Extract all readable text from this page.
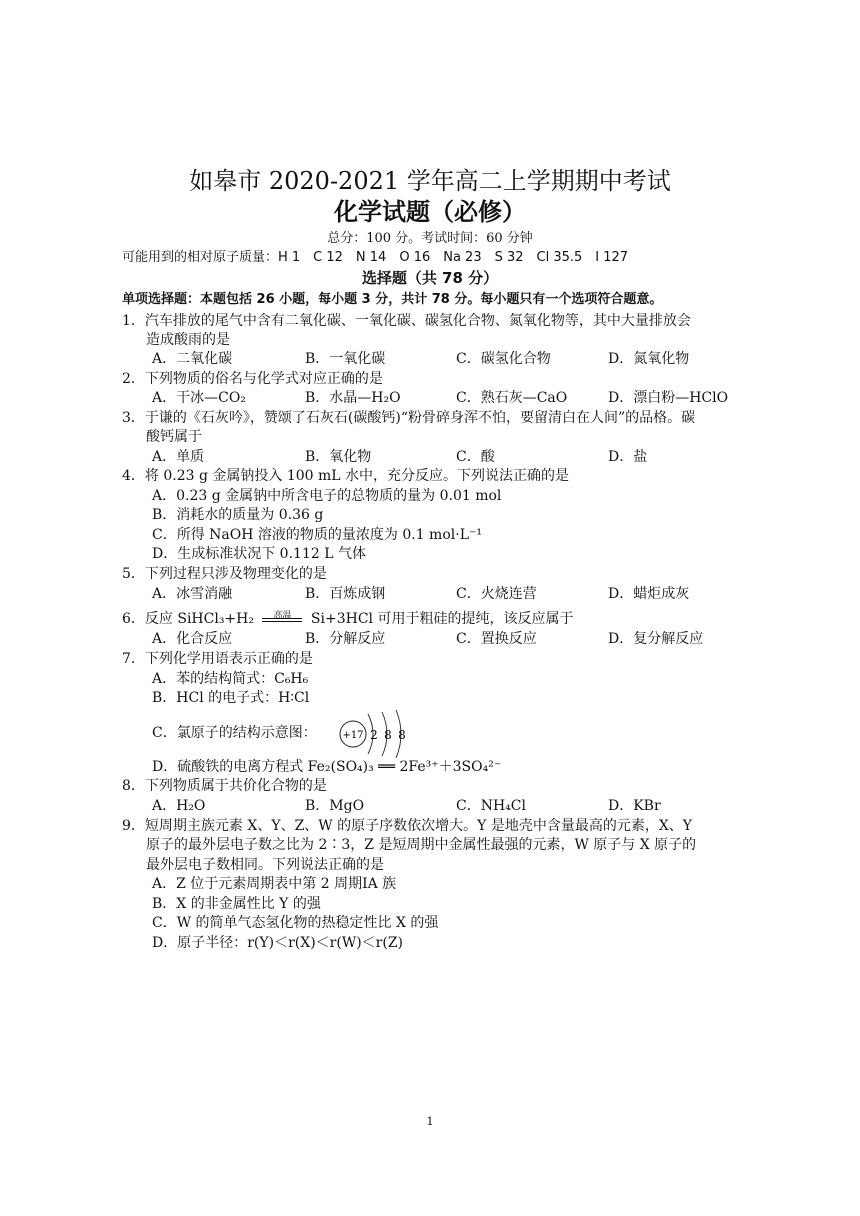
如皋市 2020-2021 学年高二上学期期中考试
化学试题（必修）
总分：100 分。考试时间：60 分钟
可能用到的相对原子质量：H 1　C 12　N 14　O 16　Na 23　S 32　Cl 35.5　I 127
选择题（共 78 分）
单项选择题：本题包括 26 小题，每小题 3 分，共计 78 分。每小题只有一个选项符合题意。
1．汽车排放的尾气中含有二氧化碳、一氧化碳、碳氢化合物、氮氧化物等，其中大量排放会
造成酸雨的是
A．二氧化碳	B．一氧化碳	C．碳氢化合物	D．氮氧化物
2．下列物质的俗名与化学式对应正确的是
A．干冰—CO₂	B．水晶—H₂O	C．熟石灰—CaO	D．漂白粉—HClO
3．于谦的《石灰吟》，赞颂了石灰石(碳酸钙)“粉骨碎身浑不怕，要留清白在人间”的品格。碳
酸钙属于
A．单质	B．氧化物	C．酸	D．盐
4．将 0.23 g 金属钠投入 100 mL 水中，充分反应。下列说法正确的是
A．0.23 g 金属钠中所含电子的总物质的量为 0.01 mol
B．消耗水的质量为 0.36 g
C．所得 NaOH 溶液的物质的量浓度为 0.1 mol·L⁻¹
D．生成标准状况下 0.112 L 气体
5．下列过程只涉及物理变化的是
A．冰雪消融	B．百炼成钢	C．火烧连营	D．蜡炬成灰
6．反应 SiHCl₃+H₂	高温	Si+3HCl 可用于粗硅的提纯，该反应属于
A．化合反应	B．分解反应	C．置换反应	D．复分解反应
7．下列化学用语表示正确的是
A．苯的结构简式：C₆H₆
B．HCl 的电子式：H∶Cl
C．氯原子的结构示意图：	+17 2 8 8
D．硫酸铁的电离方程式 Fe₂(SO₄)₃ ══ 2Fe³⁺＋3SO₄²⁻
8．下列物质属于共价化合物的是
A．H₂O	B．MgO	C．NH₄Cl	D．KBr
9．短周期主族元素 X、Y、Z、W 的原子序数依次增大。Y 是地壳中含量最高的元素，X、Y
原子的最外层电子数之比为 2∶3，Z 是短周期中金属性最强的元素，W 原子与 X 原子的
最外层电子数相同。下列说法正确的是
A．Z 位于元素周期表中第 2 周期ⅠA 族
B．X 的非金属性比 Y 的强
C．W 的简单气态氢化物的热稳定性比 X 的强
D．原子半径：r(Y)＜r(X)＜r(W)＜r(Z)
1
